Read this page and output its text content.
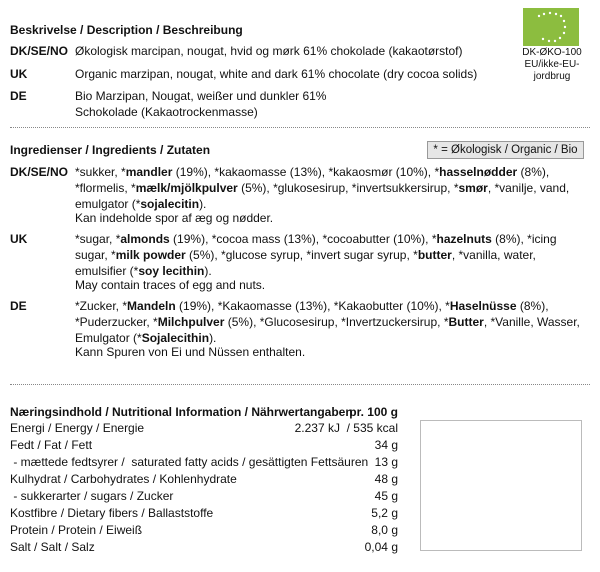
Beskrivelse / Description / Beschreibung
DK-ØKO-100 EU/ikke-EU-jordbrug
DK/SE/NO Økologisk marcipan, nougat, hvid og mørk 61% chokolade (kakaotørstof)
UK	Organic marzipan, nougat, white and dark 61% chocolate (dry cocoa solids)
DE	Bio Marzipan, Nougat, weißer und dunkler 61% Schokolade (Kakaotrockenmasse)
Ingredienser / Ingredients / Zutaten	* = Økologisk / Organic / Bio
DK/SE/NO *sukker, *mandler (19%), *kakaomasse (13%), *kakaosmør (10%), *hasselnødder (8%), *flormelis, *mælk/mjölkpulver (5%), *glukosesirup, *invertsukkersirup, *smør, *vanilje, vand, emulgator (*sojalecitin).
Kan indeholde spor af æg og nødder.
UK	*sugar, *almonds (19%), *cocoa mass (13%), *cocoabutter (10%), *hazelnuts (8%), *icing sugar, *milk powder (5%), *glucose syrup, *invert sugar syrup, *butter, *vanilla, water, emulsifier (*soy lecithin).
May contain traces of egg and nuts.
DE	*Zucker, *Mandeln (19%), *Kakaomasse (13%), *Kakaobutter (10%), *Haselnüsse (8%), *Puderzucker, *Milchpulver (5%), *Glucosesirup, *Invertzuckersirup, *Butter, *Vanille, Wasser, Emulgator (*Sojalecithin).
Kann Spuren von Ei und Nüssen enthalten.
Næringsindhold / Nutritional Information / Nährwertangaben
pr. 100 g
Energi / Energy / Energie	2.237 kJ / 535 kcal
Fedt / Fat / Fett	34 g
- mættede fedtsyrer /  saturated fatty acids / gesättigten Fettsäuren 13 g
Kulhydrat / Carbohydrates / Kohlenhydrate	48 g
- sukkerarter / sugars / Zucker	45 g
Kostfibre / Dietary fibers / Ballaststoffe	5,2 g
Protein / Protein / Eiweiß	8,0 g
Salt / Salt / Salz	0,04 g
